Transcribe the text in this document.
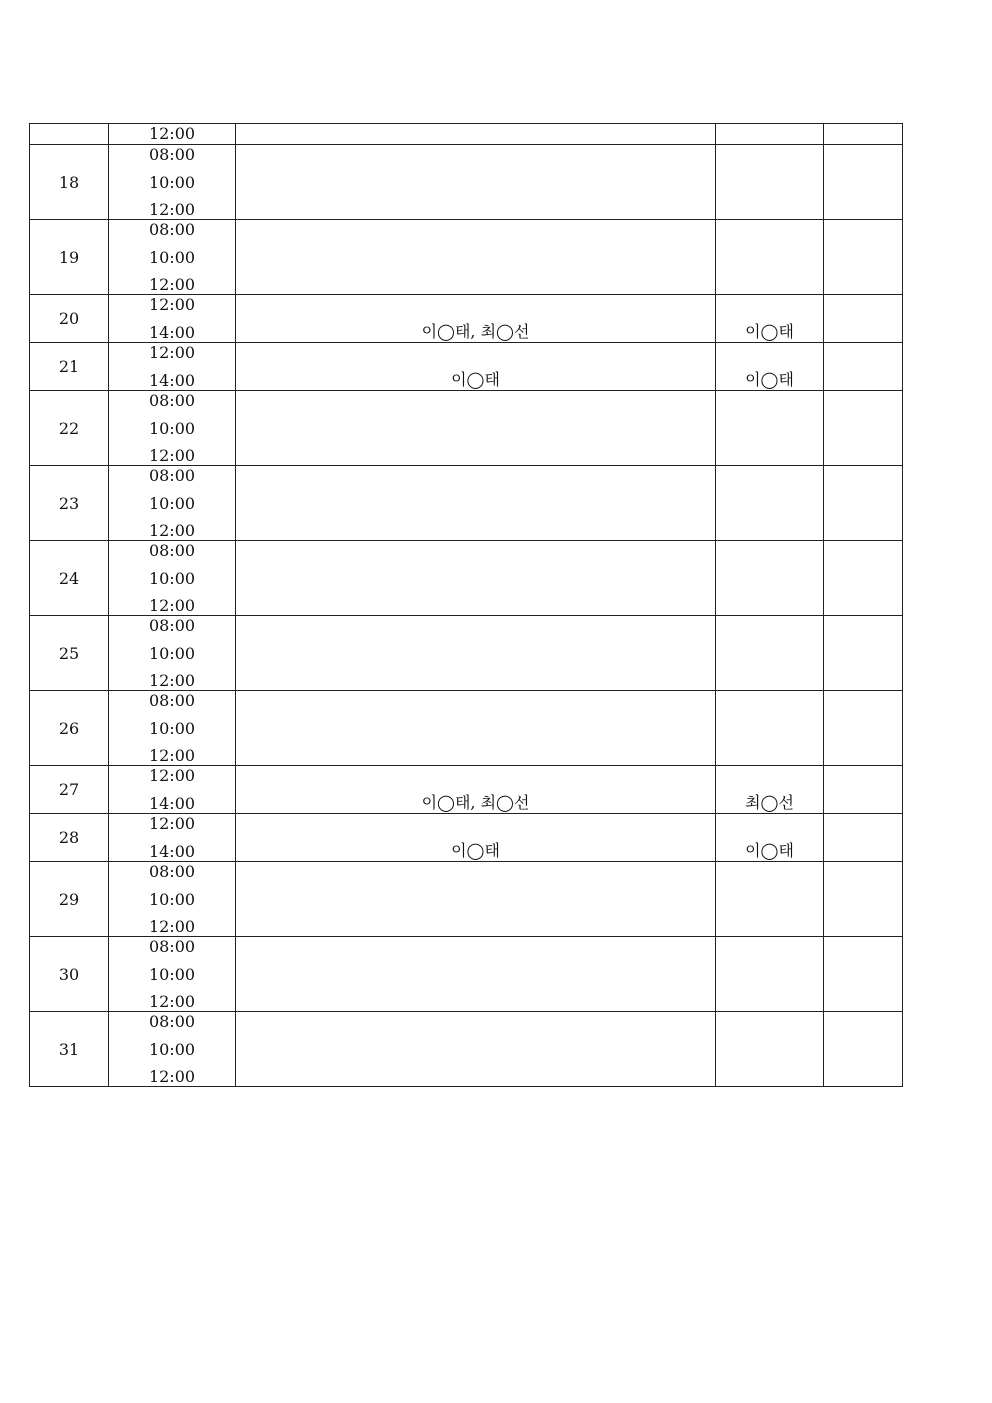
	12:00			

18	08:00
10:00
12:00			

19	08:00
10:00
12:00			

20	12:00
14:00	이◯태, 최◯선	이◯태	

21	12:00
14:00	이◯태	이◯태	

22	08:00
10:00
12:00			

23	08:00
10:00
12:00			

24	08:00
10:00
12:00			

25	08:00
10:00
12:00			

26	08:00
10:00
12:00			

27	12:00
14:00	이◯태, 최◯선	최◯선	

28	12:00
14:00	이◯태	이◯태	

29	08:00
10:00
12:00			

30	08:00
10:00
12:00			

31	08:00
10:00
12:00			
